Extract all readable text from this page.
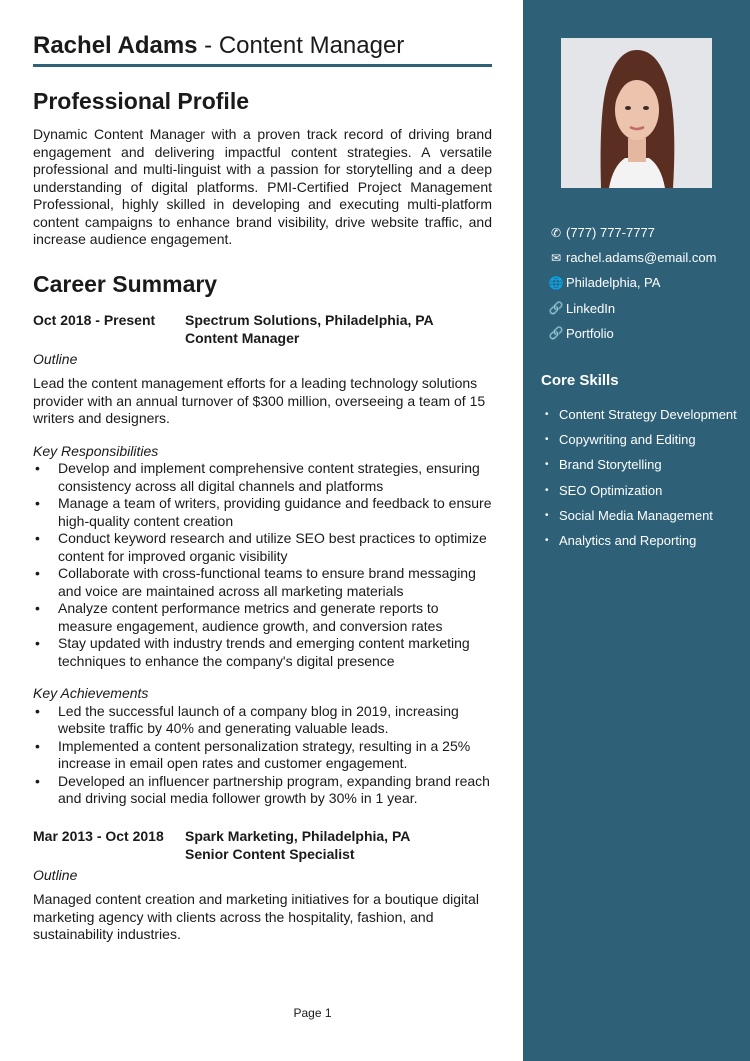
Rachel Adams - Content Manager
Professional Profile

Dynamic Content Manager with a proven track record of driving brand engagement and delivering impactful content strategies. A versatile professional and multi-linguist with a passion for storytelling and a deep understanding of digital platforms. PMI-Certified Project Management Professional, highly skilled in developing and executing multi-platform content campaigns to enhance brand visibility, drive website traffic, and increase audience engagement.

Career Summary
Oct 2018 - Present	Spectrum Solutions, Philadelphia, PA
Content Manager
Outline

Lead the content management efforts for a leading technology solutions provider with an annual turnover of $300 million, overseeing a team of 15 writers and designers.

Key Responsibilities
• Develop and implement comprehensive content strategies, ensuring consistency across all digital channels and platforms
• Manage a team of writers, providing guidance and feedback to ensure high-quality content creation
• Conduct keyword research and utilize SEO best practices to optimize content for improved organic visibility
• Collaborate with cross-functional teams to ensure brand messaging and voice are maintained across all marketing materials
• Analyze content performance metrics and generate reports to measure engagement, audience growth, and conversion rates
• Stay updated with industry trends and emerging content marketing techniques to enhance the company's digital presence
Key Achievements
• Led the successful launch of a company blog in 2019, increasing website traffic by 40% and generating valuable leads.
• Implemented a content personalization strategy, resulting in a 25% increase in email open rates and customer engagement.
• Developed an influencer partnership program, expanding brand reach and driving social media follower growth by 30% in 1 year.
Mar 2013 - Oct 2018	Spark Marketing, Philadelphia, PA
Senior Content Specialist
Outline

Managed content creation and marketing initiatives for a boutique digital marketing agency with clients across the hospitality, fashion, and sustainability industries.

Page 1
✆ (777) 777-7777
✉ rachel.adams@email.com
🌐 Philadelphia, PA
🔗 LinkedIn
🔗 Portfolio
Core Skills
• Content Strategy Development
• Copywriting and Editing
• Brand Storytelling
• SEO Optimization
• Social Media Management
• Analytics and Reporting
